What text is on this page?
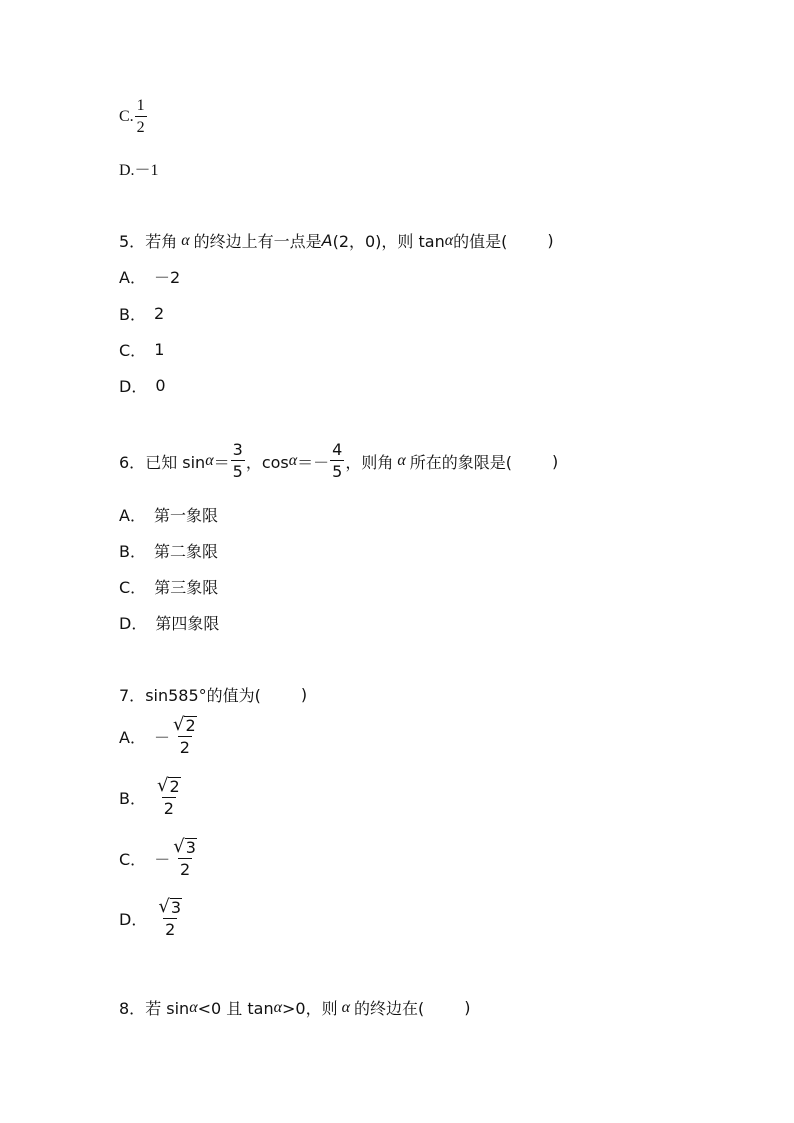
C. $\frac{1}{2}$
D.－1
5． 若角 α 的终边上有一点是 A (2，0)，则 tan α 的值是(	)
A． －2
B． 2
C． 1
D． 0
6． 已知 $\sin \alpha = \frac{3}{5}$ ，$\cos \alpha =- \frac{4}{5}$ ，则角 α 所在的象限是(	)
A． 第一象限
B． 第二象限
C． 第三象限
D． 第四象限
7． sin585°的值为(	)
A． － $\frac{√ 2}{2}$
B． $\frac{√ 2}{2}$
C． － $\frac{√ 3}{2}$
D． $\frac{√ 3}{2}$
8． 若 sin α <0 且 tan α >0，则 α 的终边在(	)
